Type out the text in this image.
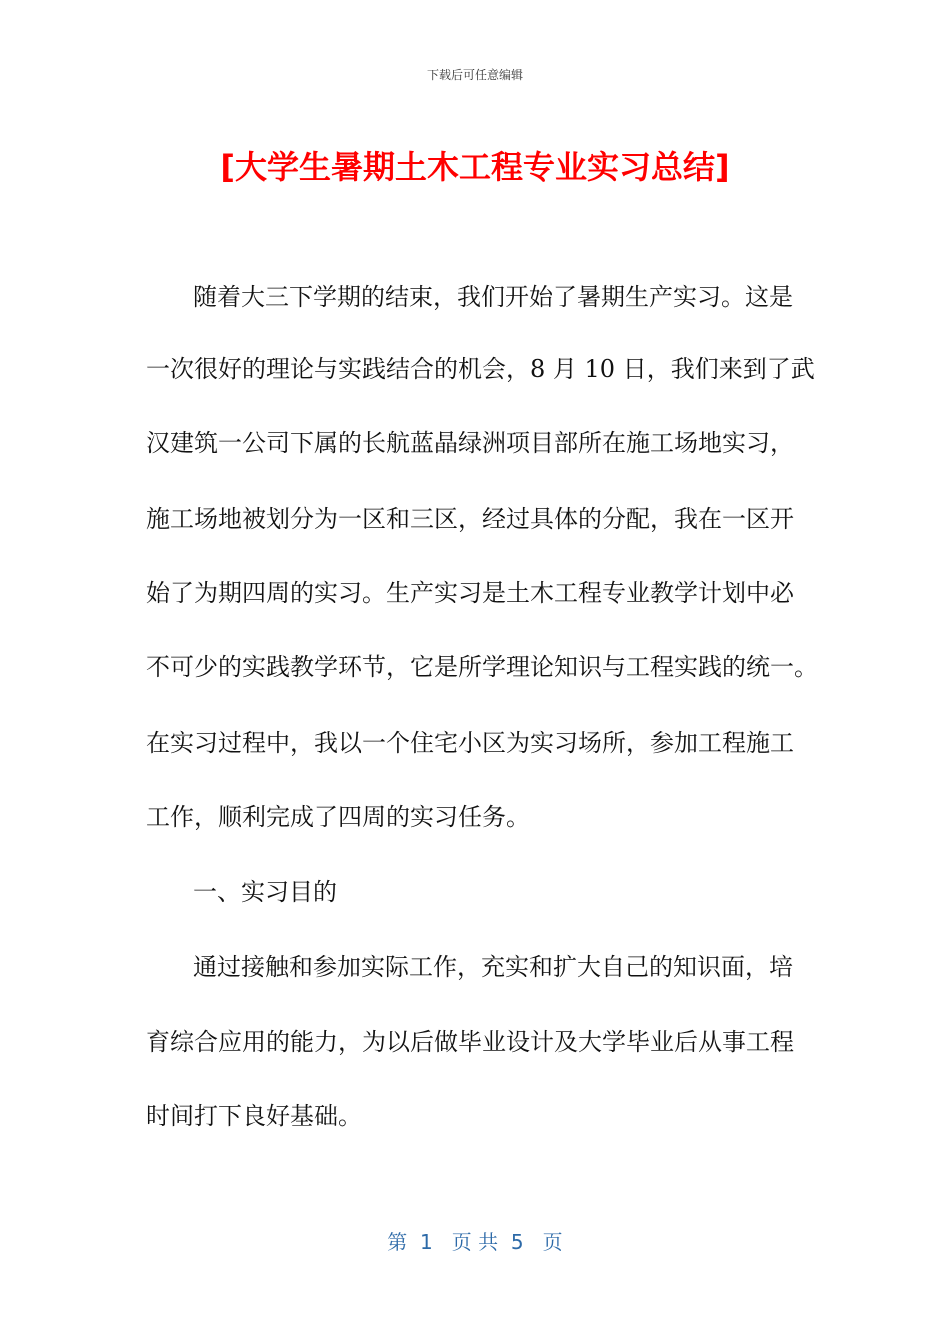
下载后可任意编辑
[大学生暑期土木工程专业实习总结]
随着大三下学期的结束，我们开始了暑期生产实习。这是
一次很好的理论与实践结合的机会，8 月 10 日，我们来到了武
汉建筑一公司下属的长航蓝晶绿洲项目部所在施工场地实习，
施工场地被划分为一区和三区，经过具体的分配，我在一区开
始了为期四周的实习。生产实习是土木工程专业教学计划中必
不可少的实践教学环节，它是所学理论知识与工程实践的统一。
在实习过程中，我以一个住宅小区为实习场所，参加工程施工
工作，顺利完成了四周的实习任务。
一、实习目的
通过接触和参加实际工作，充实和扩大自己的知识面，培
育综合应用的能力，为以后做毕业设计及大学毕业后从事工程
时间打下良好基础。
第  1   页 共  5   页
